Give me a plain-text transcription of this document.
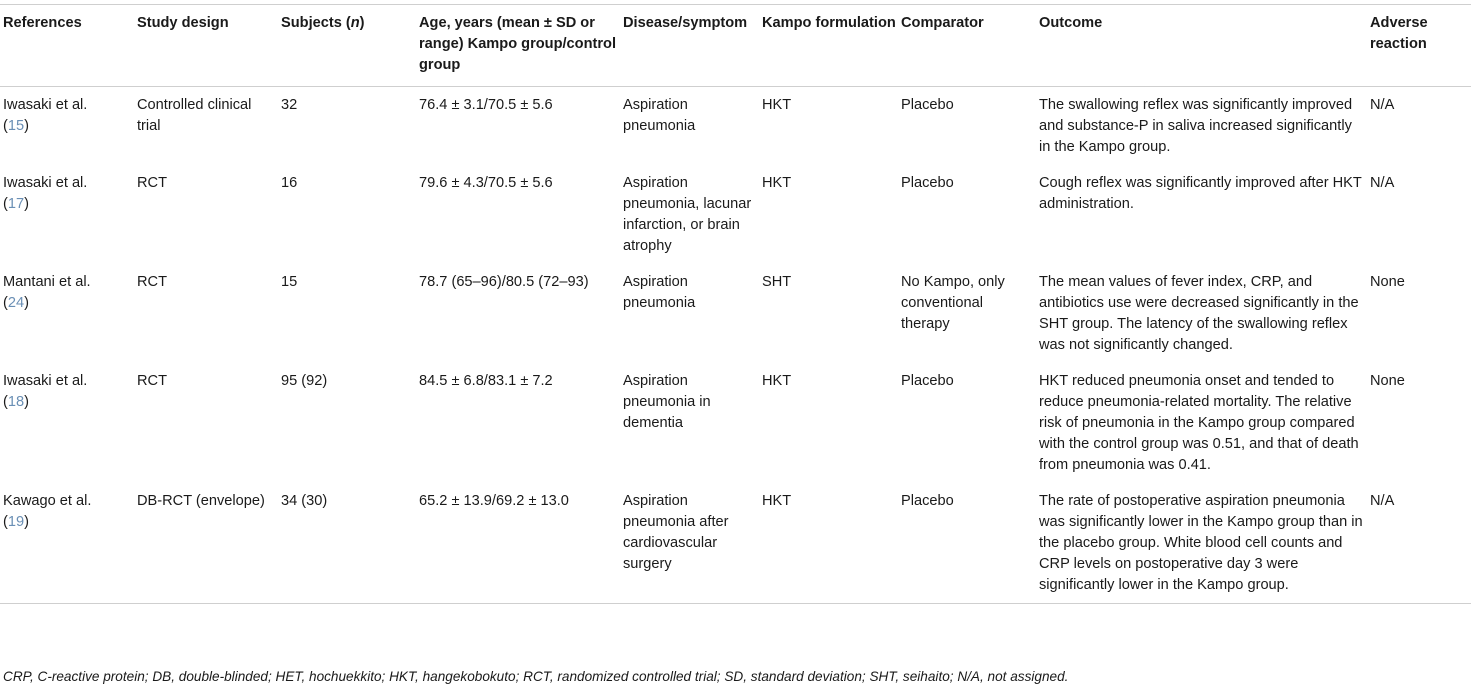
References	Study design	Subjects (n)	Age, years (mean ± SD or range) Kampo group/control group	Disease/symptom	Kampo formulation	Comparator	Outcome	Adverse reaction
Iwasaki et al.
(15)	Controlled clinical trial	32	76.4 ± 3.1/70.5 ± 5.6	Aspiration pneumonia	HKT	Placebo	The swallowing reflex was significantly improved and substance-P in saliva increased significantly in the Kampo group.	N/A
Iwasaki et al.
(17)	RCT	16	79.6 ± 4.3/70.5 ± 5.6	Aspiration pneumonia, lacunar infarction, or brain atrophy	HKT	Placebo	Cough reflex was significantly improved after HKT administration.	N/A
Mantani et al.
(24)	RCT	15	78.7 (65–96)/80.5 (72–93)	Aspiration pneumonia	SHT	No Kampo, only conventional therapy	The mean values of fever index, CRP, and antibiotics use were decreased significantly in the SHT group. The latency of the swallowing reflex was not significantly changed.	None
Iwasaki et al.
(18)	RCT	95 (92)	84.5 ± 6.8/83.1 ± 7.2	Aspiration pneumonia in dementia	HKT	Placebo	HKT reduced pneumonia onset and tended to reduce pneumonia-related mortality. The relative risk of pneumonia in the Kampo group compared with the control group was 0.51, and that of death from pneumonia was 0.41.	None
Kawago et al.
(19)	DB-RCT (envelope)	34 (30)	65.2 ± 13.9/69.2 ± 13.0	Aspiration pneumonia after cardiovascular surgery	HKT	Placebo	The rate of postoperative aspiration pneumonia was significantly lower in the Kampo group than in the placebo group. White blood cell counts and CRP levels on postoperative day 3 were significantly lower in the Kampo group.	N/A
CRP, C-reactive protein; DB, double-blinded; HET, hochuekkito; HKT, hangekobokuto; RCT, randomized controlled trial; SD, standard deviation; SHT, seihaito; N/A, not assigned.
